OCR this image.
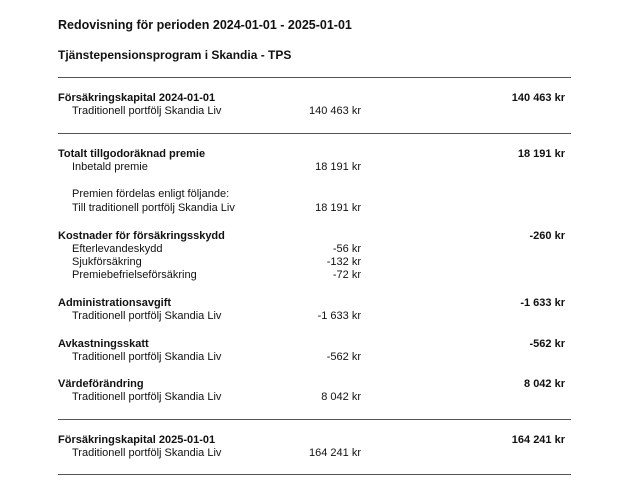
Redovisning för perioden 2024-01-01 - 2025-01-01
Tjänstepensionsprogram i Skandia - TPS
Försäkringskapital 2024-01-01	140 463 kr
Traditionell portfölj Skandia Liv	140 463 kr
Totalt tillgodoräknad premie	18 191 kr
Inbetald premie	18 191 kr
Premien fördelas enligt följande:
Till traditionell portfölj Skandia Liv	18 191 kr
Kostnader för försäkringsskydd	-260 kr
Efterlevandeskydd	-56 kr
Sjukförsäkring	-132 kr
Premiebefrielseförsäkring	-72 kr
Administrationsavgift	-1 633 kr
Traditionell portfölj Skandia Liv	-1 633 kr
Avkastningsskatt	-562 kr
Traditionell portfölj Skandia Liv	-562 kr
Värdeförändring	8 042 kr
Traditionell portfölj Skandia Liv	8 042 kr
Försäkringskapital 2025-01-01	164 241 kr
Traditionell portfölj Skandia Liv	164 241 kr
